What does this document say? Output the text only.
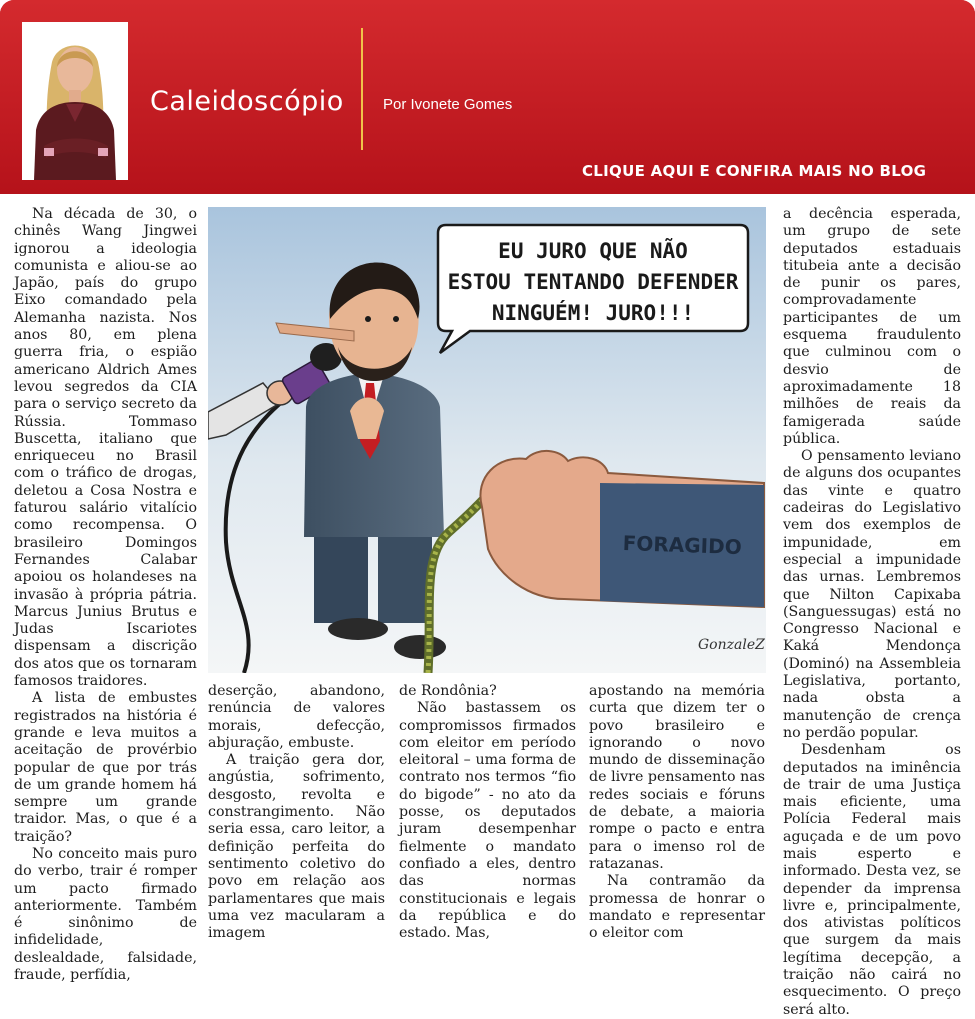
Caleidoscópio	Por Ivonete Gomes
CLIQUE AQUI E CONFIRA MAIS NO BLOG

Na década de 30, o chinês Wang Jingwei ignorou a ideologia comunista e aliou-se ao Japão, país do grupo Eixo comandado pela Alemanha nazista. Nos anos 80, em plena guerra fria, o espião americano Aldrich Ames levou segredos da CIA para o serviço secreto da Rússia. Tommaso Buscetta, italiano que enriqueceu no Brasil com o tráfico de drogas, deletou a Cosa Nostra e faturou salário vitalício como recompensa. O brasileiro Domingos Fernandes Calabar apoiou os holandeses na invasão à própria pátria. Marcus Junius Brutus e Judas Iscariotes dispensam a discrição dos atos que os tornaram famosos traidores.

A lista de embustes registrados na história é grande e leva muitos a aceitação de provérbio popular de que por trás de um grande homem há sempre um grande traidor. Mas, o que é a traição?

No conceito mais puro do verbo, trair é romper um pacto firmado anteriormente. Também é sinônimo de infidelidade, deslealdade, falsidade, fraude, perfídia,

EU JURO QUE NÃO
ESTOU TENTANDO DEFENDER
NINGUÉM! JURO!!!
FORAGIDO
GonzaleZ

deserção, abandono, renúncia de valores morais, defecção, abjuração, embuste.

A traição gera dor, angústia, sofrimento, desgosto, revolta e constrangimento. Não seria essa, caro leitor, a definição perfeita do sentimento coletivo do povo em relação aos parlamentares que mais uma vez macularam a imagem

de Rondônia?

Não bastassem os compromissos firmados com eleitor em período eleitoral – uma forma de contrato nos termos “fio do bigode” - no ato da posse, os deputados juram desempenhar fielmente o mandato confiado a eles, dentro das normas constitucionais e legais da república e do estado. Mas,

apostando na memória curta que dizem ter o povo brasileiro e ignorando o novo mundo de disseminação de livre pensamento nas redes sociais e fóruns de debate, a maioria rompe o pacto e entra para o imenso rol de ratazanas.

Na contramão da promessa de honrar o mandato e representar o eleitor com

a decência esperada, um grupo de sete deputados estaduais titubeia ante a decisão de punir os pares, comprovadamente participantes de um esquema fraudulento que culminou com o desvio de aproximadamente 18 milhões de reais da famigerada saúde pública.

O pensamento leviano de alguns dos ocupantes das vinte e quatro cadeiras do Legislativo vem dos exemplos de impunidade, em especial a impunidade das urnas. Lembremos que Nilton Capixaba (Sanguessugas) está no Congresso Nacional e Kaká Mendonça (Dominó) na Assembleia Legislativa, portanto, nada obsta a manutenção de crença no perdão popular.

Desdenham os deputados na iminência de trair de uma Justiça mais eficiente, uma Polícia Federal mais aguçada e de um povo mais esperto e informado. Desta vez, se depender da imprensa livre e, principalmente, dos ativistas políticos que surgem da mais legítima decepção, a traição não cairá no esquecimento. O preço será alto.
